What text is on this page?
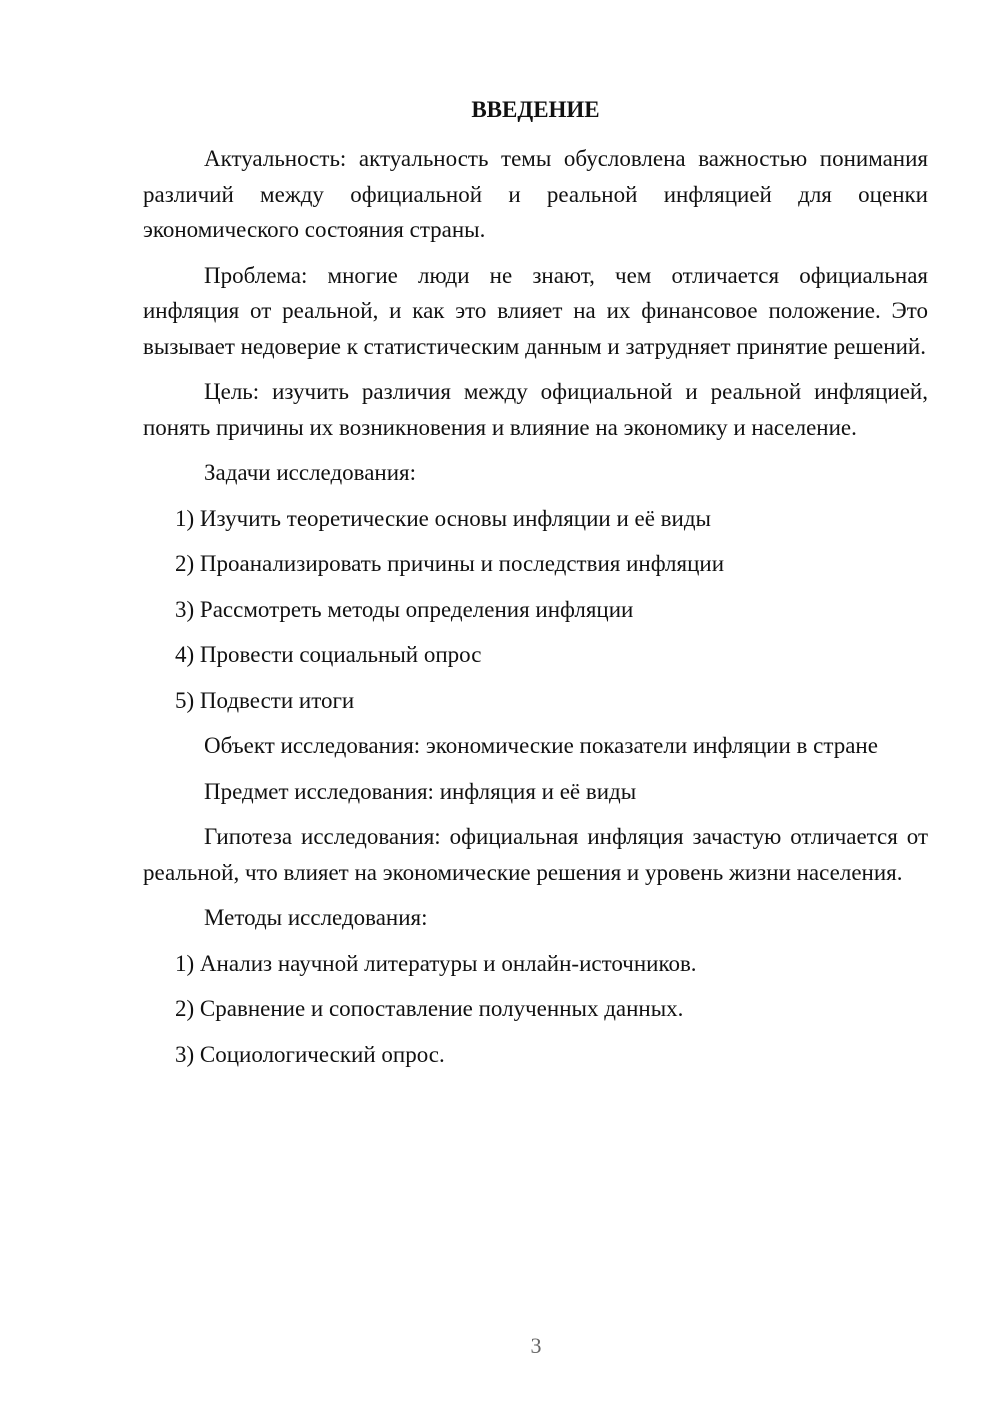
ВВЕДЕНИЕ

Актуальность: актуальность темы обусловлена важностью понимания различий между официальной и реальной инфляцией для оценки экономического состояния страны.

Проблема: многие люди не знают, чем отличается официальная инфляция от реальной, и как это влияет на их финансовое положение. Это вызывает недоверие к статистическим данным и затрудняет принятие решений.

Цель: изучить различия между официальной и реальной инфляцией, понять причины их возникновения и влияние на экономику и население.

Задачи исследования:

1) Изучить теоретические основы инфляции и её виды
2) Проанализировать причины и последствия инфляции
3) Рассмотреть методы определения инфляции
4) Провести социальный опрос
5) Подвести итоги

Объект исследования: экономические показатели инфляции в стране

Предмет исследования: инфляция и её виды

Гипотеза исследования: официальная инфляция зачастую отличается от реальной, что влияет на экономические решения и уровень жизни населения.

Методы исследования:

1) Анализ научной литературы и онлайн-источников.
2) Сравнение и сопоставление полученных данных.
3) Социологический опрос.
3
